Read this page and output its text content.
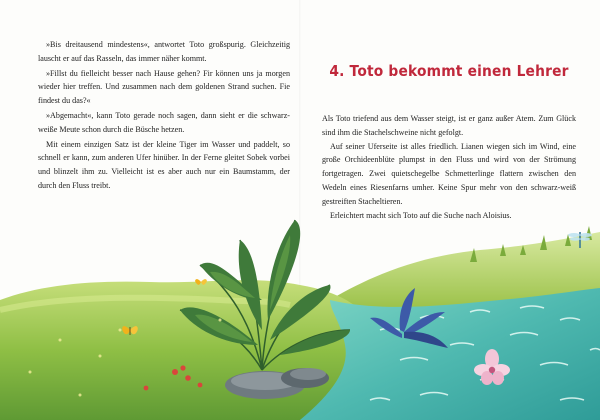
»Bis dreitausend mindestens«, antwortet Toto großspurig. Gleichzeitig lauscht er auf das Rasseln, das immer näher kommt.

»Fillst du fielleicht besser nach Hause gehen? Fir können uns ja morgen wieder hier treffen. Und zusammen nach dem goldenen Strand suchen. Fie findest du das?«

»Abgemacht«, kann Toto gerade noch sagen, dann sieht er die schwarz-weiße Meute schon durch die Büsche hetzen.

Mit einem einzigen Satz ist der kleine Tiger im Wasser und paddelt, so schnell er kann, zum anderen Ufer hinüber. In der Ferne gleitet Sobek vorbei und blinzelt ihm zu. Vielleicht ist es aber auch nur ein Baumstamm, der durch den Fluss treibt.

4. Toto bekommt einen Lehrer

Als Toto triefend aus dem Wasser steigt, ist er ganz außer Atem. Zum Glück sind ihm die Stachelschweine nicht gefolgt.

Auf seiner Uferseite ist alles friedlich. Lianen wiegen sich im Wind, eine große Orchideenblüte plumpst in den Fluss und wird von der Strömung fortgetragen. Zwei quietschegelbe Schmetterlinge flattern zwischen den Wedeln eines Riesenfarns umher. Keine Spur mehr von den schwarz-weiß gestreiften Stacheltieren.

Erleichtert macht sich Toto auf die Suche nach Aloisius.
